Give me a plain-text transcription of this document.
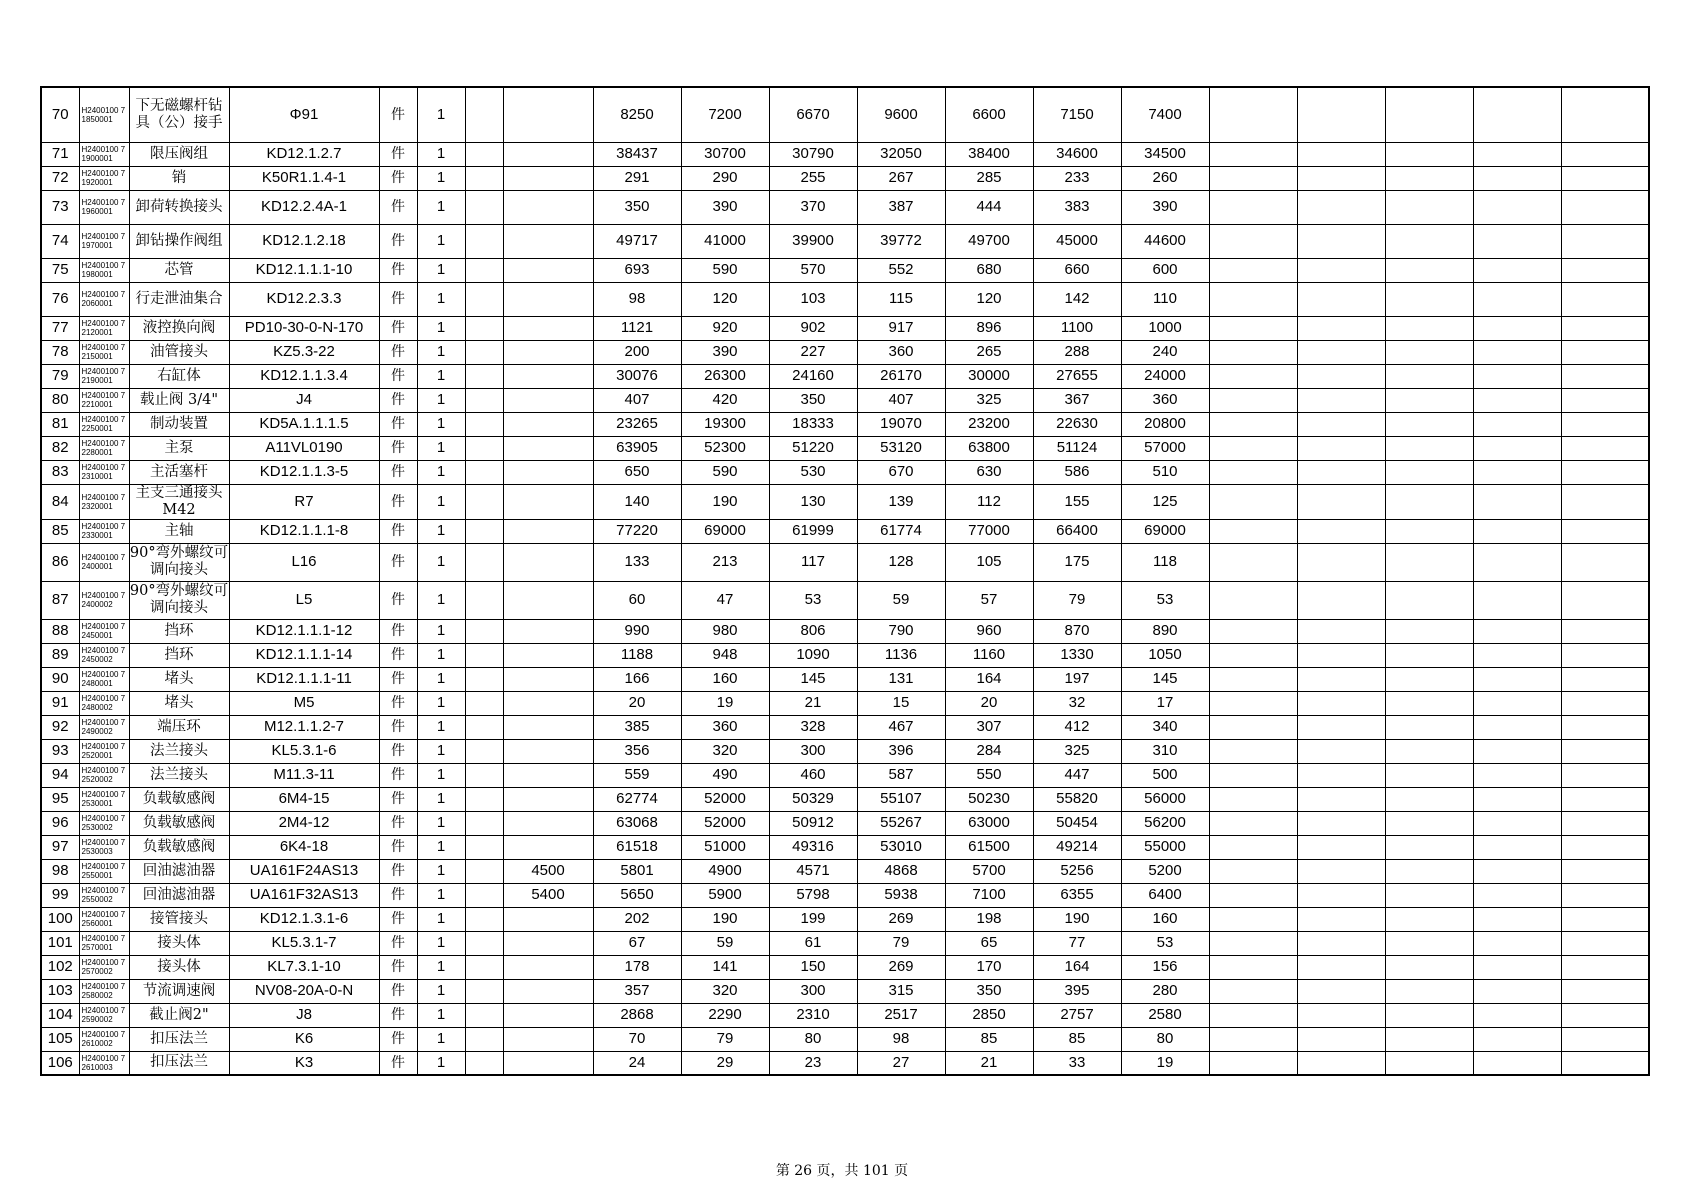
70	H2400100 71850001	下无磁螺杆钻具（公）接手	Φ91	件	1			8250	7200	6670	9600	6600	7150	7400					
71	H2400100 71900001	限压阀组	KD12.1.2.7	件	1			38437	30700	30790	32050	38400	34600	34500					
72	H2400100 71920001	销	K50R1.1.4-1	件	1			291	290	255	267	285	233	260					
73	H2400100 71960001	卸荷转换接头	KD12.2.4A-1	件	1			350	390	370	387	444	383	390					
74	H2400100 71970001	卸钻操作阀组	KD12.1.2.18	件	1			49717	41000	39900	39772	49700	45000	44600					
75	H2400100 71980001	芯管	KD12.1.1.1-10	件	1			693	590	570	552	680	660	600					
76	H2400100 72060001	行走泄油集合	KD12.2.3.3	件	1			98	120	103	115	120	142	110					
77	H2400100 72120001	液控换向阀	PD10-30-0-N-170	件	1			1121	920	902	917	896	1100	1000					
78	H2400100 72150001	油管接头	KZ5.3-22	件	1			200	390	227	360	265	288	240					
79	H2400100 72190001	右缸体	KD12.1.1.3.4	件	1			30076	26300	24160	26170	30000	27655	24000					
80	H2400100 72210001	载止阀 3/4"	J4	件	1			407	420	350	407	325	367	360					
81	H2400100 72250001	制动装置	KD5A.1.1.1.5	件	1			23265	19300	18333	19070	23200	22630	20800					
82	H2400100 72280001	主泵	A11VL0190	件	1			63905	52300	51220	53120	63800	51124	57000					
83	H2400100 72310001	主活塞杆	KD12.1.1.3-5	件	1			650	590	530	670	630	586	510					
84	H2400100 72320001	主支三通接头M42	R7	件	1			140	190	130	139	112	155	125					
85	H2400100 72330001	主轴	KD12.1.1.1-8	件	1			77220	69000	61999	61774	77000	66400	69000					
86	H2400100 72400001	90°弯外螺纹可调向接头	L16	件	1			133	213	117	128	105	175	118					
87	H2400100 72400002	90°弯外螺纹可调向接头	L5	件	1			60	47	53	59	57	79	53					
88	H2400100 72450001	挡环	KD12.1.1.1-12	件	1			990	980	806	790	960	870	890					
89	H2400100 72450002	挡环	KD12.1.1.1-14	件	1			1188	948	1090	1136	1160	1330	1050					
90	H2400100 72480001	堵头	KD12.1.1.1-11	件	1			166	160	145	131	164	197	145					
91	H2400100 72480002	堵头	M5	件	1			20	19	21	15	20	32	17					
92	H2400100 72490002	端压环	M12.1.1.2-7	件	1			385	360	328	467	307	412	340					
93	H2400100 72520001	法兰接头	KL5.3.1-6	件	1			356	320	300	396	284	325	310					
94	H2400100 72520002	法兰接头	M11.3-11	件	1			559	490	460	587	550	447	500					
95	H2400100 72530001	负载敏感阀	6M4-15	件	1			62774	52000	50329	55107	50230	55820	56000					
96	H2400100 72530002	负载敏感阀	2M4-12	件	1			63068	52000	50912	55267	63000	50454	56200					
97	H2400100 72530003	负载敏感阀	6K4-18	件	1			61518	51000	49316	53010	61500	49214	55000					
98	H2400100 72550001	回油滤油器	UA161F24AS13	件	1		4500	5801	4900	4571	4868	5700	5256	5200					
99	H2400100 72550002	回油滤油器	UA161F32AS13	件	1		5400	5650	5900	5798	5938	7100	6355	6400					
100	H2400100 72560001	接管接头	KD12.1.3.1-6	件	1			202	190	199	269	198	190	160					
101	H2400100 72570001	接头体	KL5.3.1-7	件	1			67	59	61	79	65	77	53					
102	H2400100 72570002	接头体	KL7.3.1-10	件	1			178	141	150	269	170	164	156					
103	H2400100 72580002	节流调速阀	NV08-20A-0-N	件	1			357	320	300	315	350	395	280					
104	H2400100 72590002	截止阀2"	J8	件	1			2868	2290	2310	2517	2850	2757	2580					
105	H2400100 72610002	扣压法兰	K6	件	1			70	79	80	98	85	85	80					
106	H2400100 72610003	扣压法兰	K3	件	1			24	29	23	27	21	33	19					
第 26 页，共 101 页
